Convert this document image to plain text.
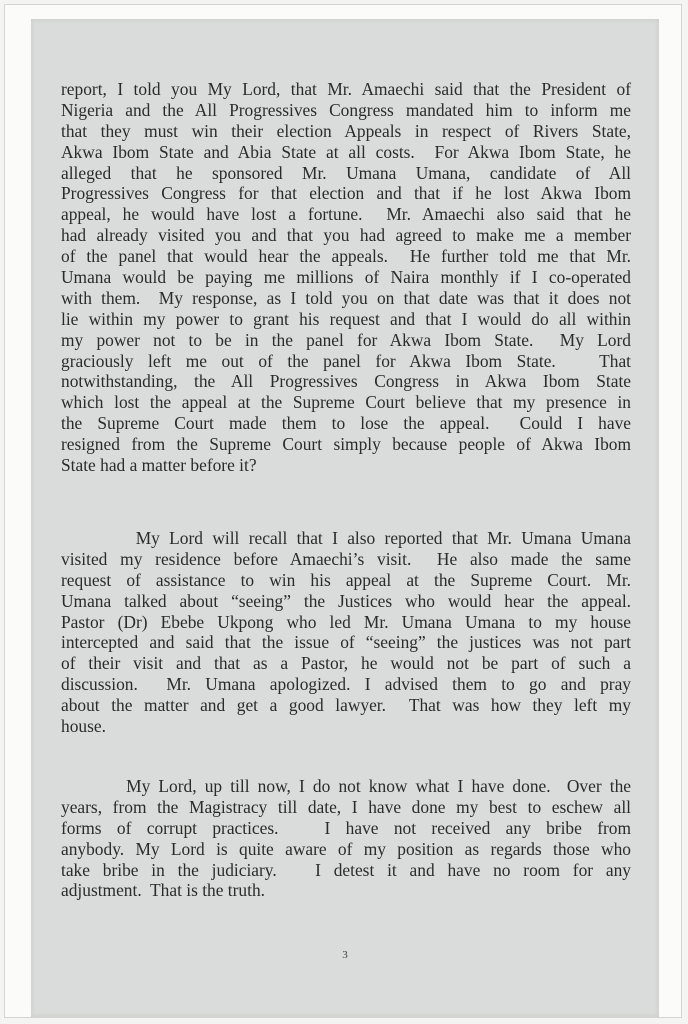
report, I told you My Lord, that Mr. Amaechi said that the President of
Nigeria and the All Progressives Congress mandated him to inform me
that they must win their election Appeals in respect of Rivers State,
Akwa Ibom State and Abia State at all costs.  For Akwa Ibom State, he
alleged that he sponsored Mr. Umana Umana, candidate of All
Progressives Congress for that election and that if he lost Akwa Ibom
appeal, he would have lost a fortune.  Mr. Amaechi also said that he
had already visited you and that you had agreed to make me a member
of the panel that would hear the appeals.  He further told me that Mr.
Umana would be paying me millions of Naira monthly if I co-operated
with them.  My response, as I told you on that date was that it does not
lie within my power to grant his request and that I would do all within
my power not to be in the panel for Akwa Ibom State.  My Lord
graciously left me out of the panel for Akwa Ibom State.   That
notwithstanding, the All Progressives Congress in Akwa Ibom State
which lost the appeal at the Supreme Court believe that my presence in
the Supreme Court made them to lose the appeal.  Could I have
resigned from the Supreme Court simply because people of Akwa Ibom
State had a matter before it?
My Lord will recall that I also reported that Mr. Umana Umana
visited my residence before Amaechi’s visit.  He also made the same
request of assistance to win his appeal at the Supreme Court. Mr.
Umana talked about “seeing” the Justices who would hear the appeal.
Pastor (Dr) Ebebe Ukpong who led Mr. Umana Umana to my house
intercepted and said that the issue of “seeing” the justices was not part
of their visit and that as a Pastor, he would not be part of such a
discussion.  Mr. Umana apologized. I advised them to go and pray
about the matter and get a good lawyer.  That was how they left my
house.
My Lord, up till now, I do not know what I have done.  Over the
years, from the Magistracy till date, I have done my best to eschew all
forms of corrupt practices.   I have not received any bribe from
anybody. My Lord is quite aware of my position as regards those who
take bribe in the judiciary.   I detest it and have no room for any
adjustment.  That is the truth.
3
